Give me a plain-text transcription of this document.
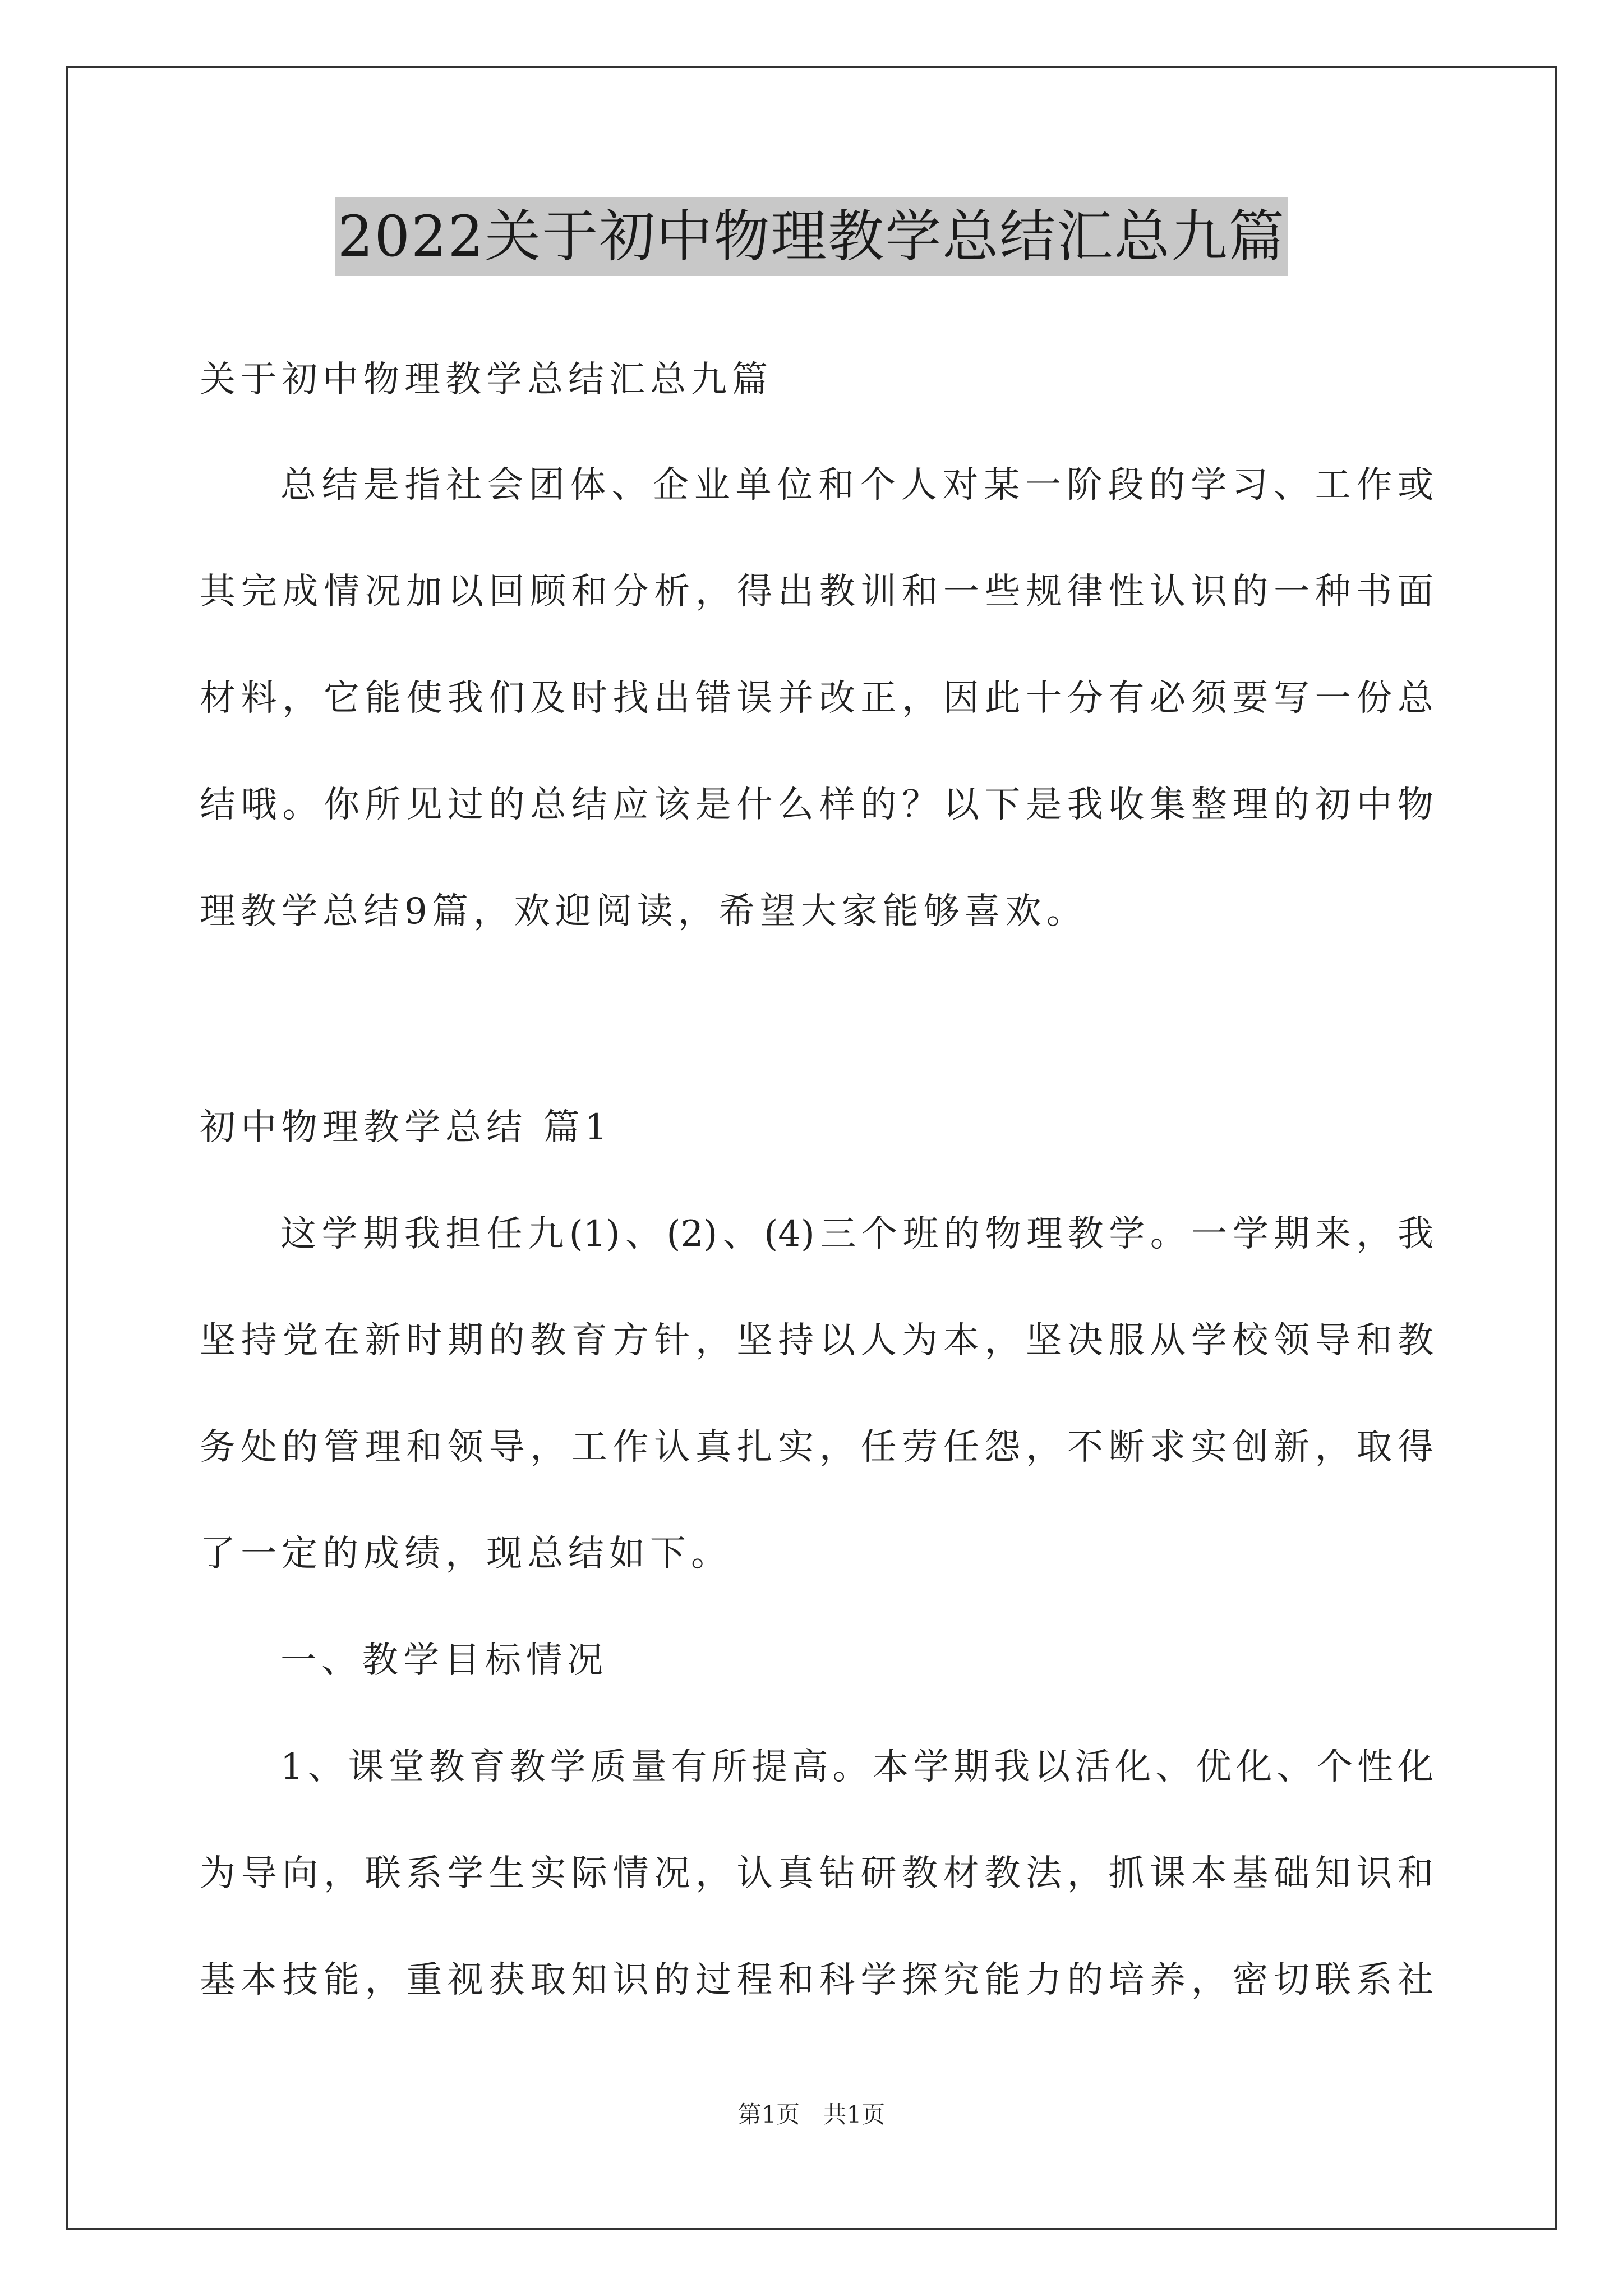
2022关于初中物理教学总结汇总九篇
关于初中物理教学总结汇总九篇
总结是指社会团体、企业单位和个人对某一阶段的学习、工作或
其完成情况加以回顾和分析，得出教训和一些规律性认识的一种书面
材料，它能使我们及时找出错误并改正，因此十分有必须要写一份总
结哦。你所见过的总结应该是什么样的？以下是我收集整理的初中物
理教学总结9篇，欢迎阅读，希望大家能够喜欢。
初中物理教学总结 篇1
这学期我担任九(1)、(2)、(4)三个班的物理教学。一学期来，我
坚持党在新时期的教育方针，坚持以人为本，坚决服从学校领导和教
务处的管理和领导，工作认真扎实，任劳任怨，不断求实创新，取得
了一定的成绩，现总结如下。
一、教学目标情况
1、课堂教育教学质量有所提高。本学期我以活化、优化、个性化
为导向，联系学生实际情况，认真钻研教材教法，抓课本基础知识和
基本技能，重视获取知识的过程和科学探究能力的培养，密切联系社
第1页 共1页
